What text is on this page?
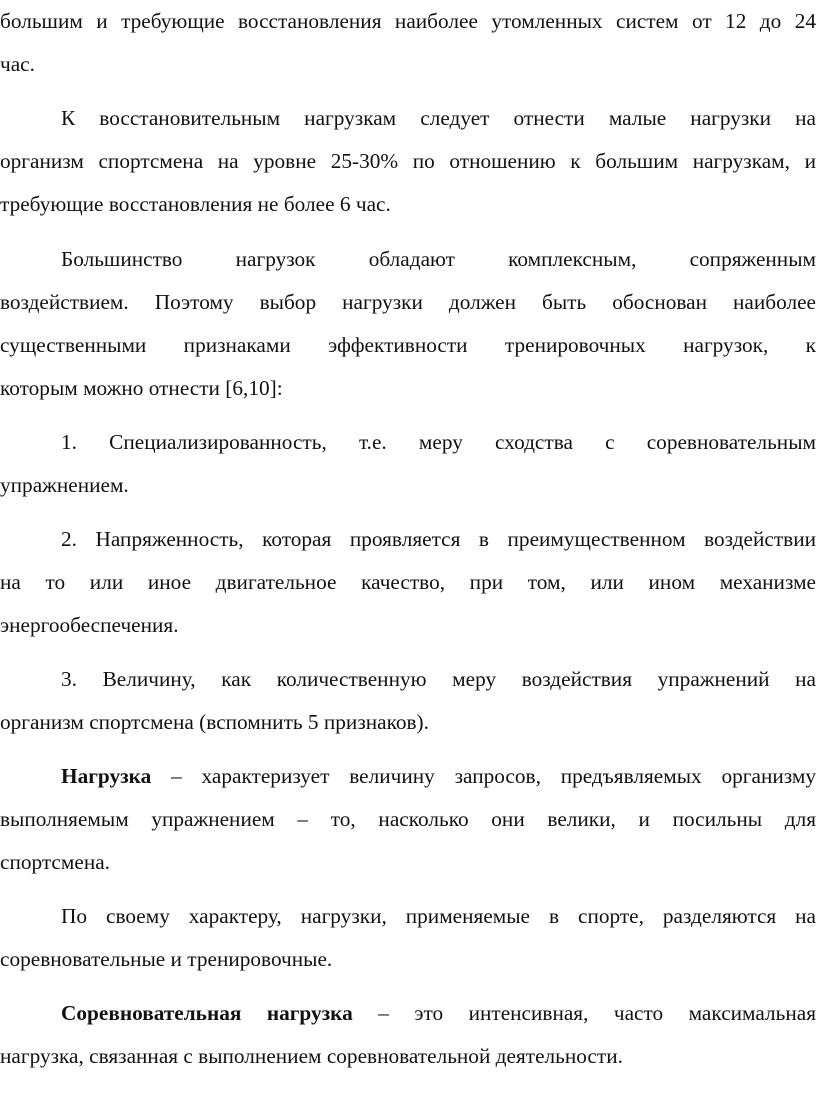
большим и требующие восстановления наиболее утомленных систем от 12 до 24
час.
К восстановительным нагрузкам следует отнести малые нагрузки на
организм спортсмена на уровне 25-30% по отношению к большим нагрузкам, и
требующие восстановления не более 6 час.
Большинство нагрузок обладают комплексным, сопряженным
воздействием. Поэтому выбор нагрузки должен быть обоснован наиболее
существенными признаками эффективности тренировочных нагрузок, к
которым можно отнести [6,10]:
1. Специализированность, т.е. меру сходства с соревновательным
упражнением.
2. Напряженность, которая проявляется в преимущественном воздействии
на то или иное двигательное качество, при том, или ином механизме
энергообеспечения.
3. Величину, как количественную меру воздействия упражнений на
организм спортсмена (вспомнить 5 признаков).
Нагрузка – характеризует величину запросов, предъявляемых организму
выполняемым упражнением – то, насколько они велики, и посильны для
спортсмена.
По своему характеру, нагрузки, применяемые в спорте, разделяются на
соревновательные и тренировочные.
Соревновательная нагрузка – это интенсивная, часто максимальная
нагрузка, связанная с выполнением соревновательной деятельности.
